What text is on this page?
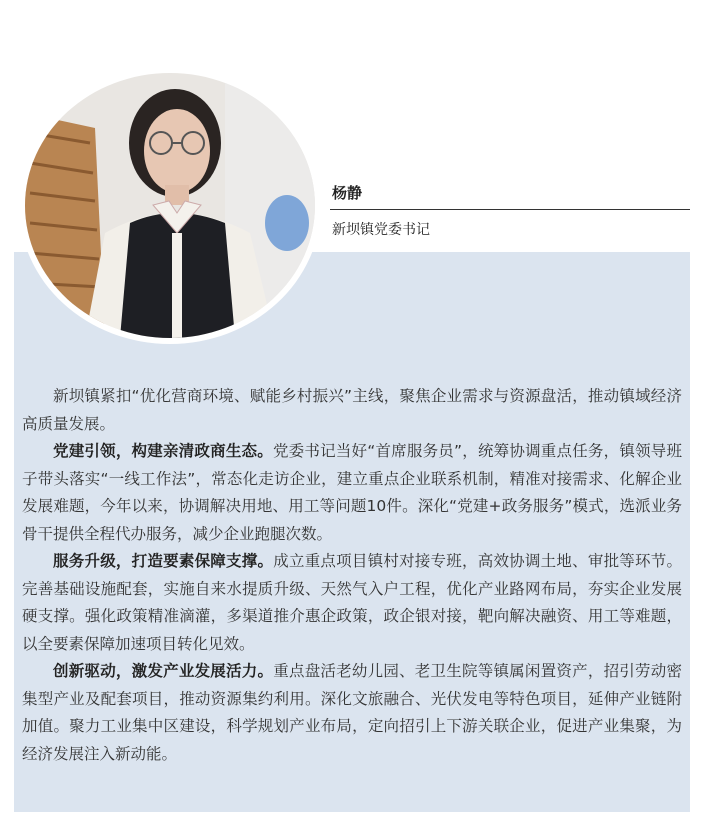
杨静
新坝镇党委书记

新坝镇紧扣“优化营商环境、赋能乡村振兴”主线，聚焦企业需求与资源盘活，推动镇域经济高质量发展。

党建引领，构建亲清政商生态。党委书记当好“首席服务员”，统筹协调重点任务，镇领导班子带头落实“一线工作法”，常态化走访企业，建立重点企业联系机制，精准对接需求、化解企业发展难题，今年以来，协调解决用地、用工等问题10件。深化“党建+政务服务”模式，选派业务骨干提供全程代办服务，减少企业跑腿次数。

服务升级，打造要素保障支撑。成立重点项目镇村对接专班，高效协调土地、审批等环节。完善基础设施配套，实施自来水提质升级、天然气入户工程，优化产业路网布局，夯实企业发展硬支撑。强化政策精准滴灌，多渠道推介惠企政策，政企银对接，靶向解决融资、用工等难题，以全要素保障加速项目转化见效。

创新驱动，激发产业发展活力。重点盘活老幼儿园、老卫生院等镇属闲置资产，招引劳动密集型产业及配套项目，推动资源集约利用。深化文旅融合、光伏发电等特色项目，延伸产业链附加值。聚力工业集中区建设，科学规划产业布局，定向招引上下游关联企业，促进产业集聚，为经济发展注入新动能。
